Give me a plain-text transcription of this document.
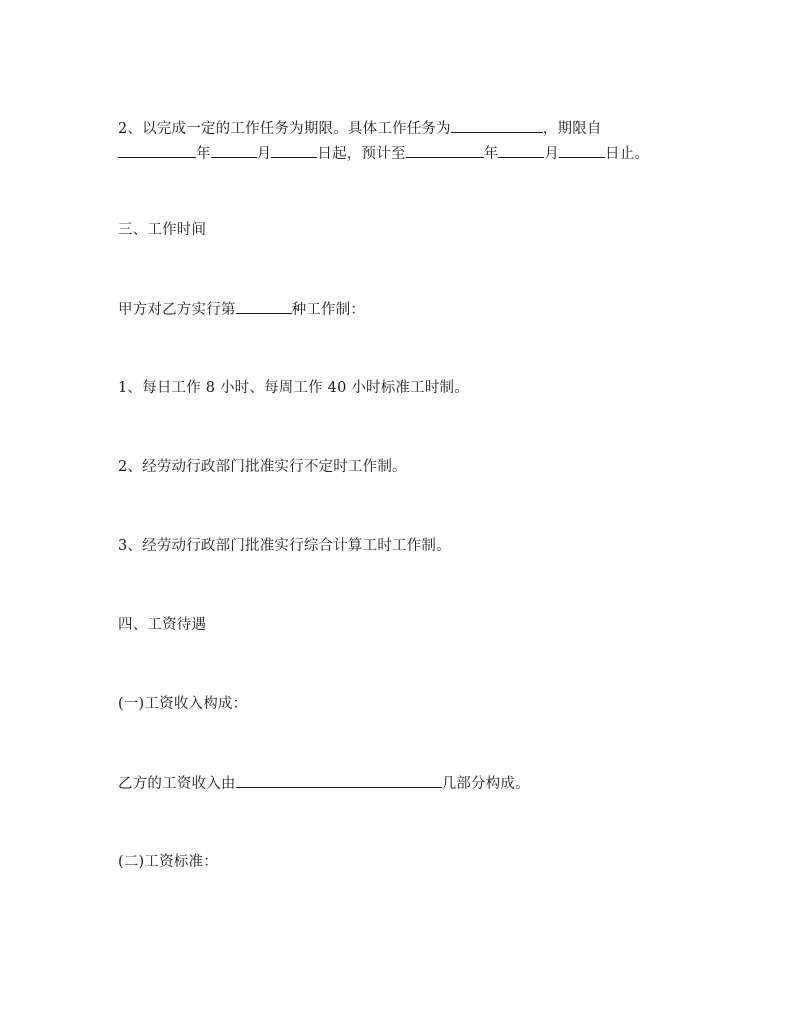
2、以完成一定的工作任务为期限。具体工作任务为	，期限自
年	月	日起，预计至	年	月	日止。
三、工作时间
甲方对乙方实行第	种工作制：
1、每日工作 8 小时、每周工作 40 小时标准工时制。
2、经劳动行政部门批准实行不定时工作制。
3、经劳动行政部门批准实行综合计算工时工作制。
四、工资待遇
(一)工资收入构成：
乙方的工资收入由	几部分构成。
(二)工资标准：
